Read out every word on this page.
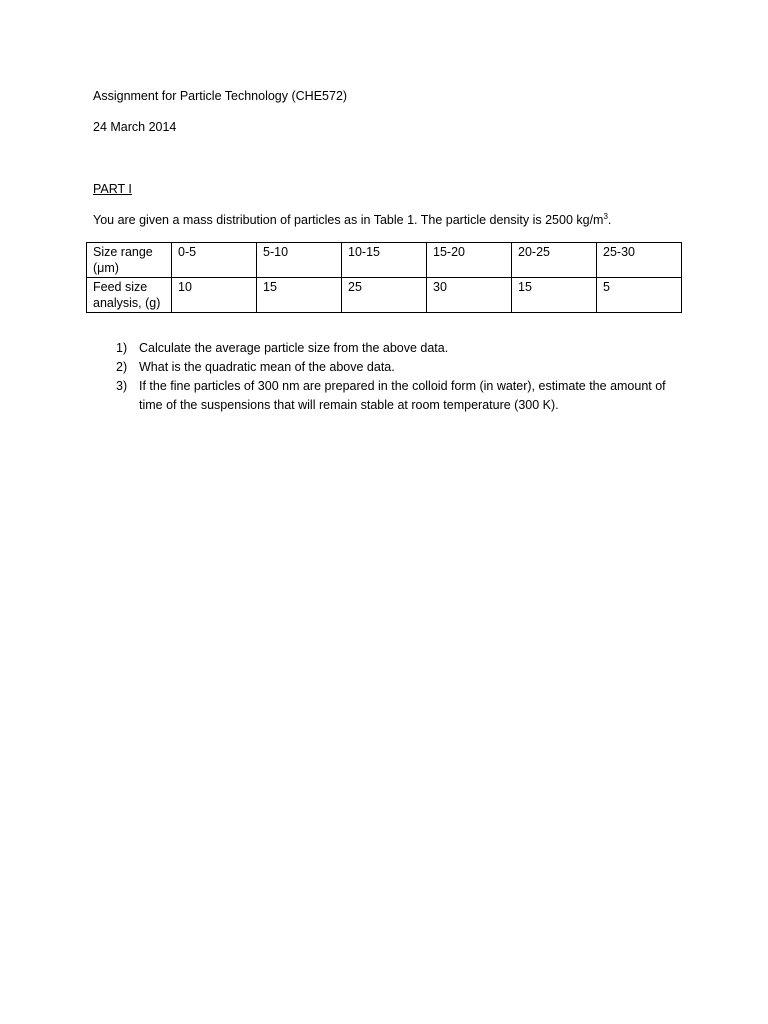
Assignment for Particle Technology (CHE572)
24 March 2014
PART I
You are given a mass distribution of particles as in Table 1. The particle density is 2500 $kg/m^3$.
Size range (μm)	0-5	5-10	10-15	15-20	20-25	25-30
Feed size analysis, (g)	10	15	25	30	15	5
1) Calculate the average particle size from the above data.
2) What is the quadratic mean of the above data.
3) If the fine particles of 300 nm are prepared in the colloid form (in water), estimate the amount of time of the suspensions that will remain stable at room temperature (300 K).
